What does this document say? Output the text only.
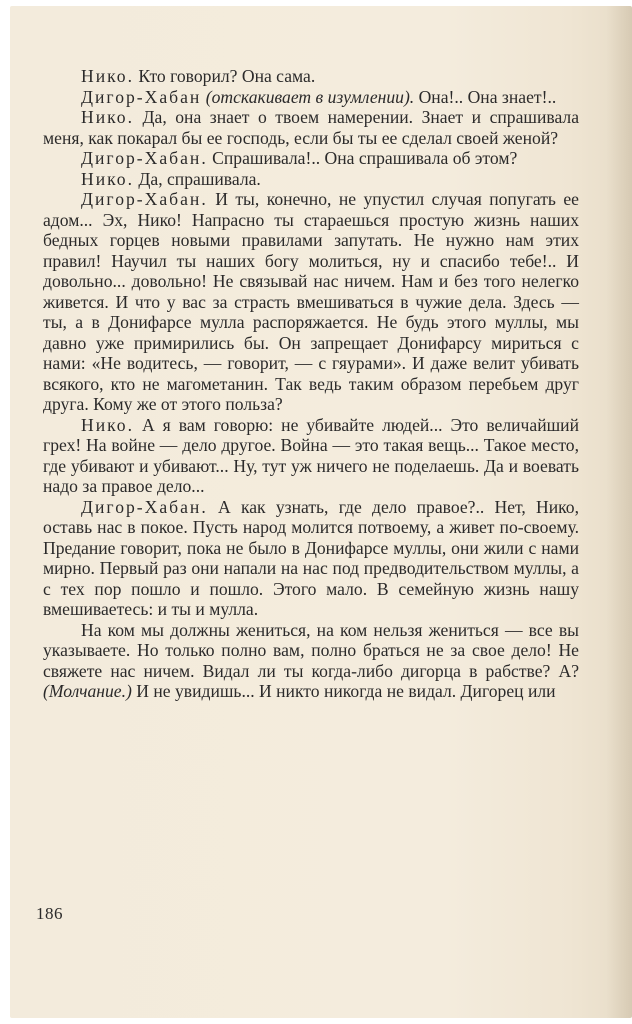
Нико. Кто говорил? Она сама.

Дигор-Хабан (отскакивает в изумлении). Она!.. Она знает!..

Нико. Да, она знает о твоем намерении. Знает и спрашивала меня, как покарал бы ее господь, если бы ты ее сделал своей женой?

Дигор-Хабан. Спрашивала!.. Она спрашивала об этом?

Нико. Да, спрашивала.

Дигор-Хабан. И ты, конечно, не упустил случая попугать ее адом... Эх, Нико! Напрасно ты стараешься простую жизнь наших бедных горцев новыми правилами запутать. Не нужно нам этих правил! Научил ты наших богу молиться, ну и спасибо тебе!.. И довольно... довольно! Не связывай нас ничем. Нам и без того нелегко живется. И что у вас за страсть вмешиваться в чужие дела. Здесь — ты, а в Донифарсе мулла распоряжается. Не будь этого муллы, мы давно уже примирились бы. Он запрещает Донифарсу мириться с нами: «Не водитесь, — говорит, — с гяурами». И даже велит убивать всякого, кто не магометанин. Так ведь таким образом перебьем друг друга. Кому же от этого польза?

Нико. А я вам говорю: не убивайте людей... Это величайший грех! На войне — дело другое. Война — это такая вещь... Такое место, где убивают и убивают... Ну, тут уж ничего не поделаешь. Да и воевать надо за правое дело...

Дигор-Хабан. А как узнать, где дело правое?.. Нет, Нико, оставь нас в покое. Пусть народ молится потвоему, а живет по-своему. Предание говорит, пока не было в Донифарсе муллы, они жили с нами мирно. Первый раз они напали на нас под предводительством муллы, а с тех пор пошло и пошло. Этого мало. В семейную жизнь нашу вмешиваетесь: и ты и мулла.

На ком мы должны жениться, на ком нельзя жениться — все вы указываете. Но только полно вам, полно браться не за свое дело! Не свяжете нас ничем. Видал ли ты когда-либо дигорца в рабстве? А? (Молчание.) И не увидишь... И никто никогда не видал. Дигорец или

186
